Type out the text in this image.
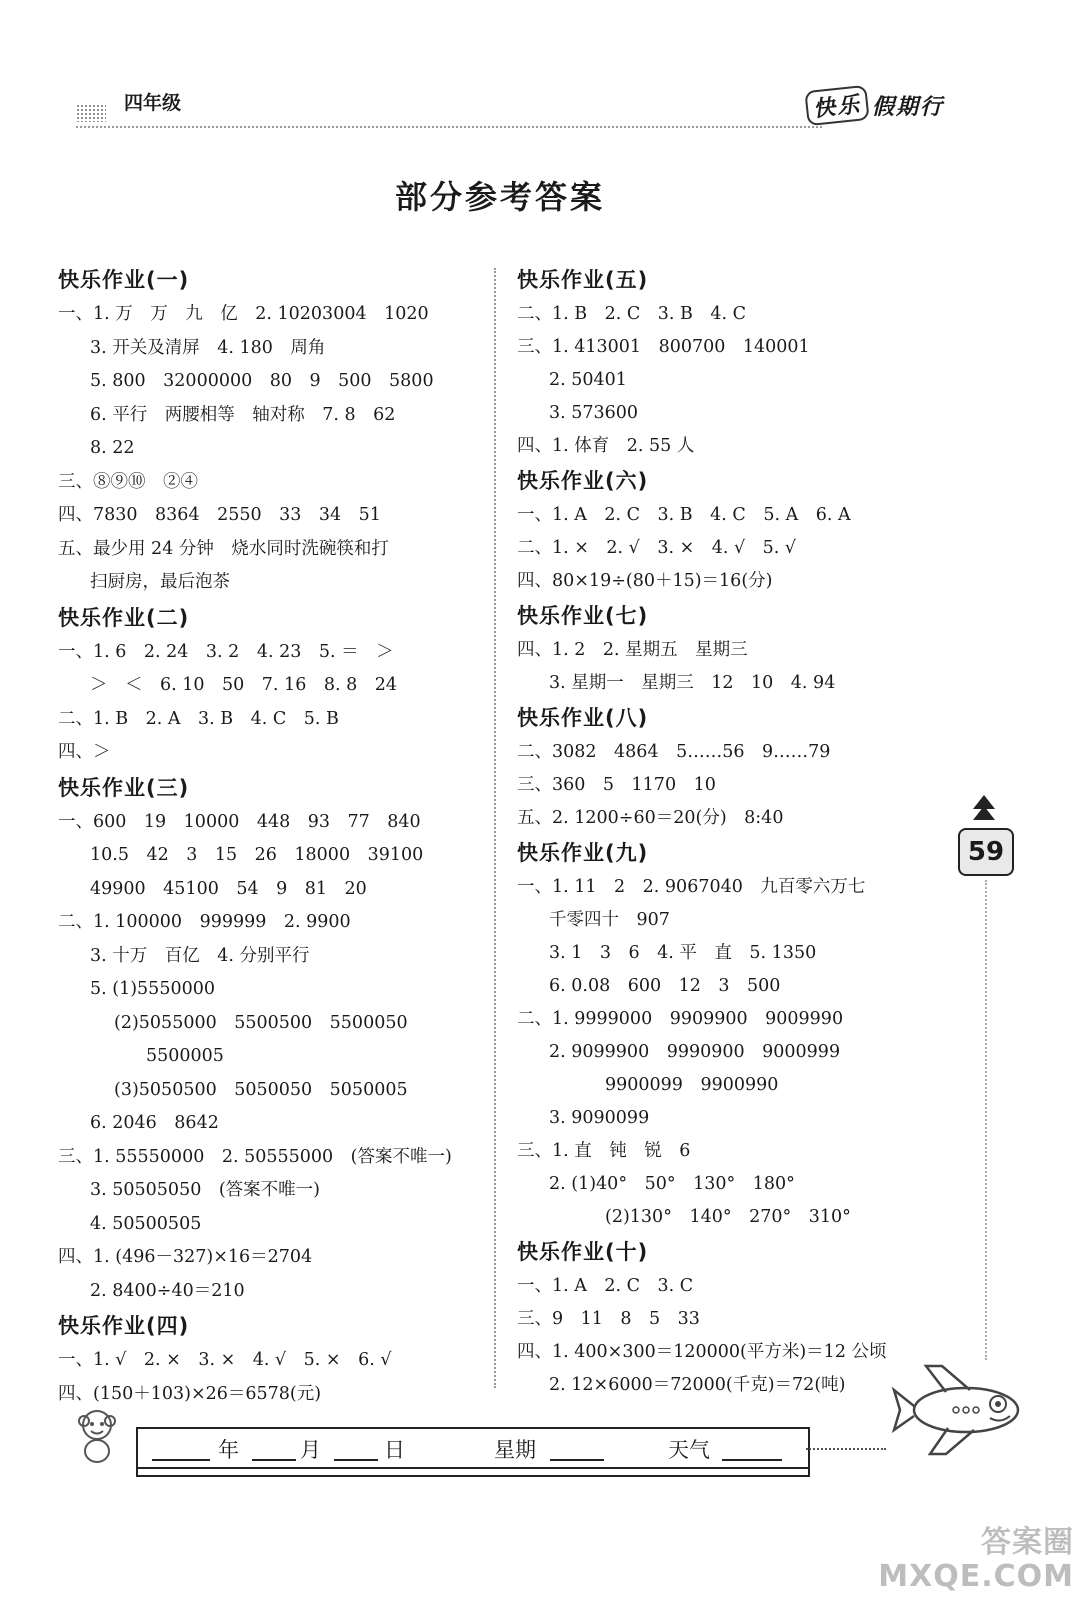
四年级	快乐 假期行
部分参考答案
快乐作业(一)
一、1. 万　万　九　亿　2. 10203004　1020
3. 开关及清屏　4. 180　周角
5. 800　32000000　80　9　500　5800
6. 平行　两腰相等　轴对称　7. 8　62
8. 22
三、⑧⑨⑩　②④
四、7830　8364　2550　33　34　51
五、最少用 24 分钟　烧水同时洗碗筷和打
扫厨房，最后泡茶
快乐作业(二)
一、1. 6　2. 24　3. 2　4. 23　5. ＝　＞
＞　＜　6. 10　50　7. 16　8. 8　24
二、1. B　2. A　3. B　4. C　5. B
四、＞
快乐作业(三)
一、600　19　10000　448　93　77　840
10.5　42　3　15　26　18000　39100
49900　45100　54　9　81　20
二、1. 100000　999999　2. 9900
3. 十万　百亿　4. 分别平行
5. (1)5550000
(2)5055000　5500500　5500050
5500005
(3)5050500　5050050　5050005
6. 2046　8642
三、1. 55550000　2. 50555000　(答案不唯一)
3. 50505050　(答案不唯一)
4. 50500505
四、1. (496－327)×16＝2704
2. 8400÷40＝210
快乐作业(四)
一、1. √　2. ×　3. ×　4. √　5. ×　6. √
四、(150＋103)×26＝6578(元)
快乐作业(五)
二、1. B　2. C　3. B　4. C
三、1. 413001　800700　140001
2. 50401
3. 573600
四、1. 体育　2. 55 人
快乐作业(六)
一、1. A　2. C　3. B　4. C　5. A　6. A
二、1. ×　2. √　3. ×　4. √　5. √
四、80×19÷(80＋15)＝16(分)
快乐作业(七)
四、1. 2　2. 星期五　星期三
3. 星期一　星期三　12　10　4. 94
快乐作业(八)
二、3082　4864　5……56　9……79
三、360　5　1170　10
五、2. 1200÷60＝20(分)　8:40
快乐作业(九)
一、1. 11　2　2. 9067040　九百零六万七
千零四十　907
3. 1　3　6　4. 平　直　5. 1350
6. 0.08　600　12　3　500
二、1. 9999000　9909900　9009990
2. 9099900　9990900　9000999
9900099　9900990
3. 9090099
三、1. 直　钝　锐　6
2. (1)40°　50°　130°　180°
(2)130°　140°　270°　310°
快乐作业(十)
一、1. A　2. C　3. C
三、9　11　8　5　33
四、1. 400×300＝120000(平方米)＝12 公顷
2. 12×6000＝72000(千克)＝72(吨)
59
年	月	日	星期	天气
答案圈
MXQE.COM
